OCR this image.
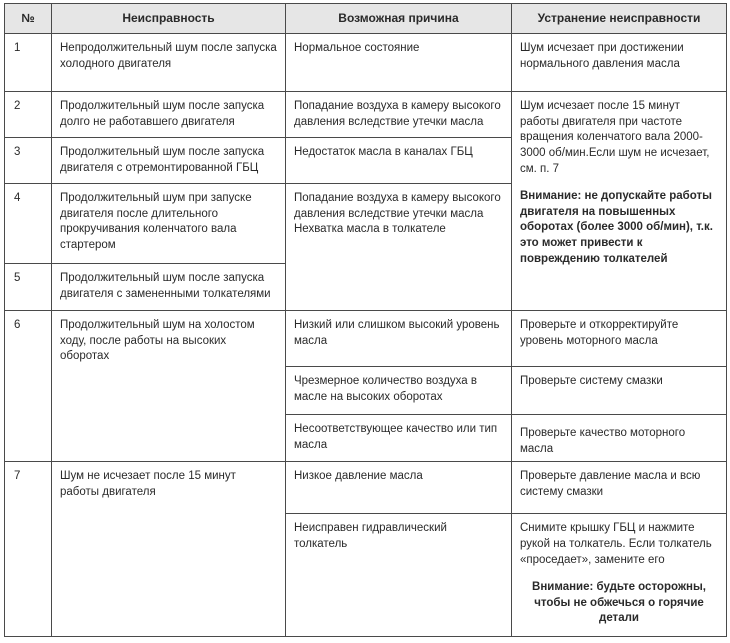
№	Неисправность	Возможная причина	Устранение неисправности
1	Непродолжительный шум после запуска холодного двигателя	Нормальное состояние	Шум исчезает при достижении нормального давления масла
2	Продолжительный шум после запуска долго не работавшего двигателя	Попадание воздуха в камеру высокого давления вследствие утечки масла	Шум исчезает после 15 минут работы двигателя при частоте вращения коленчатого вала 2000-3000 об/мин.Если шум не исчезает, см. п. 7
Внимание: не допускайте работы двигателя на повышенных оборотах (более 3000 об/мин), т.к. это может привести к повреждению толкателей

3	Продолжительный шум после запуска двигателя с отремонтированной ГБЦ	Недостаток масла в каналах ГБЦ	
4	Продолжительный шум при запуске двигателя после длительного прокручивания коленчатого вала стартером	Попадание воздуха в камеру высокого давления вследствие утечки масла
Нехватка масла в толкателе	

5	Продолжительный шум после запуска двигателя с замененными толкателями		
6	Продолжительный шум на холостом ходу, после работы на высоких оборотах	Низкий или слишком высокий уровень масла	Проверьте и откорректируйте уровень моторного масла
		Чрезмерное количество воздуха в масле на высоких оборотах	Проверьте систему смазки
		Несоответствующее качество или тип масла	Проверьте качество моторного масла

7	Шум не исчезает после 15 минут работы двигателя	Низкое давление масла	Проверьте давление масла и всю систему смазки
		Неисправен гидравлический толкатель	Снимите крышку ГБЦ и нажмите рукой на толкатель. Если толкатель «проседает», замените его
Внимание: будьте осторожны, чтобы не обжечься о горячие детали
